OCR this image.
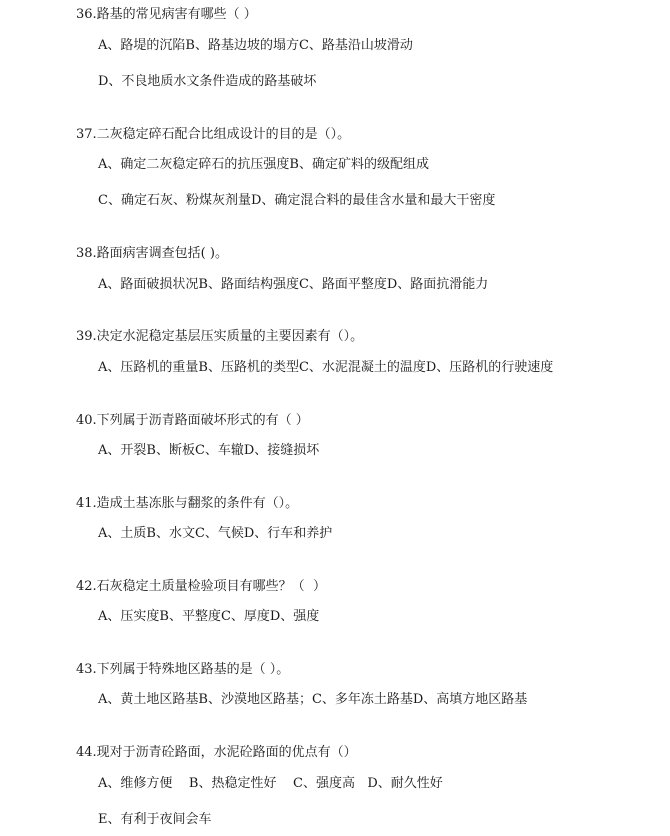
36.路基的常见病害有哪些（ ）
A、路堤的沉陷B、路基边坡的塌方C、路基沿山坡滑动
D、不良地质水文条件造成的路基破坏
37.二灰稳定碎石配合比组成设计的目的是（）。
A、确定二灰稳定碎石的抗压强度B、确定矿料的级配组成
C、确定石灰、粉煤灰剂量D、确定混合料的最佳含水量和最大干密度
38.路面病害调查包括( )。
A、路面破损状况B、路面结构强度C、路面平整度D、路面抗滑能力
39.决定水泥稳定基层压实质量的主要因素有（）。
A、压路机的重量B、压路机的类型C、水泥混凝土的温度D、压路机的行驶速度
40.下列属于沥青路面破坏形式的有（ ）
A、开裂B、断板C、车辙D、接缝损坏
41.造成土基冻胀与翻浆的条件有（）。
A、土质B、水文C、气候D、行车和养护
42.石灰稳定土质量检验项目有哪些？（  ）
A、压实度B、平整度C、厚度D、强度
43.下列属于特殊地区路基的是（ ）。
A、黄土地区路基B、沙漠地区路基；C、多年冻土路基D、高填方地区路基
44.现对于沥青砼路面，水泥砼路面的优点有（）
A、维修方便    B、热稳定性好    C、强度高   D、耐久性好
E、有利于夜间会车
